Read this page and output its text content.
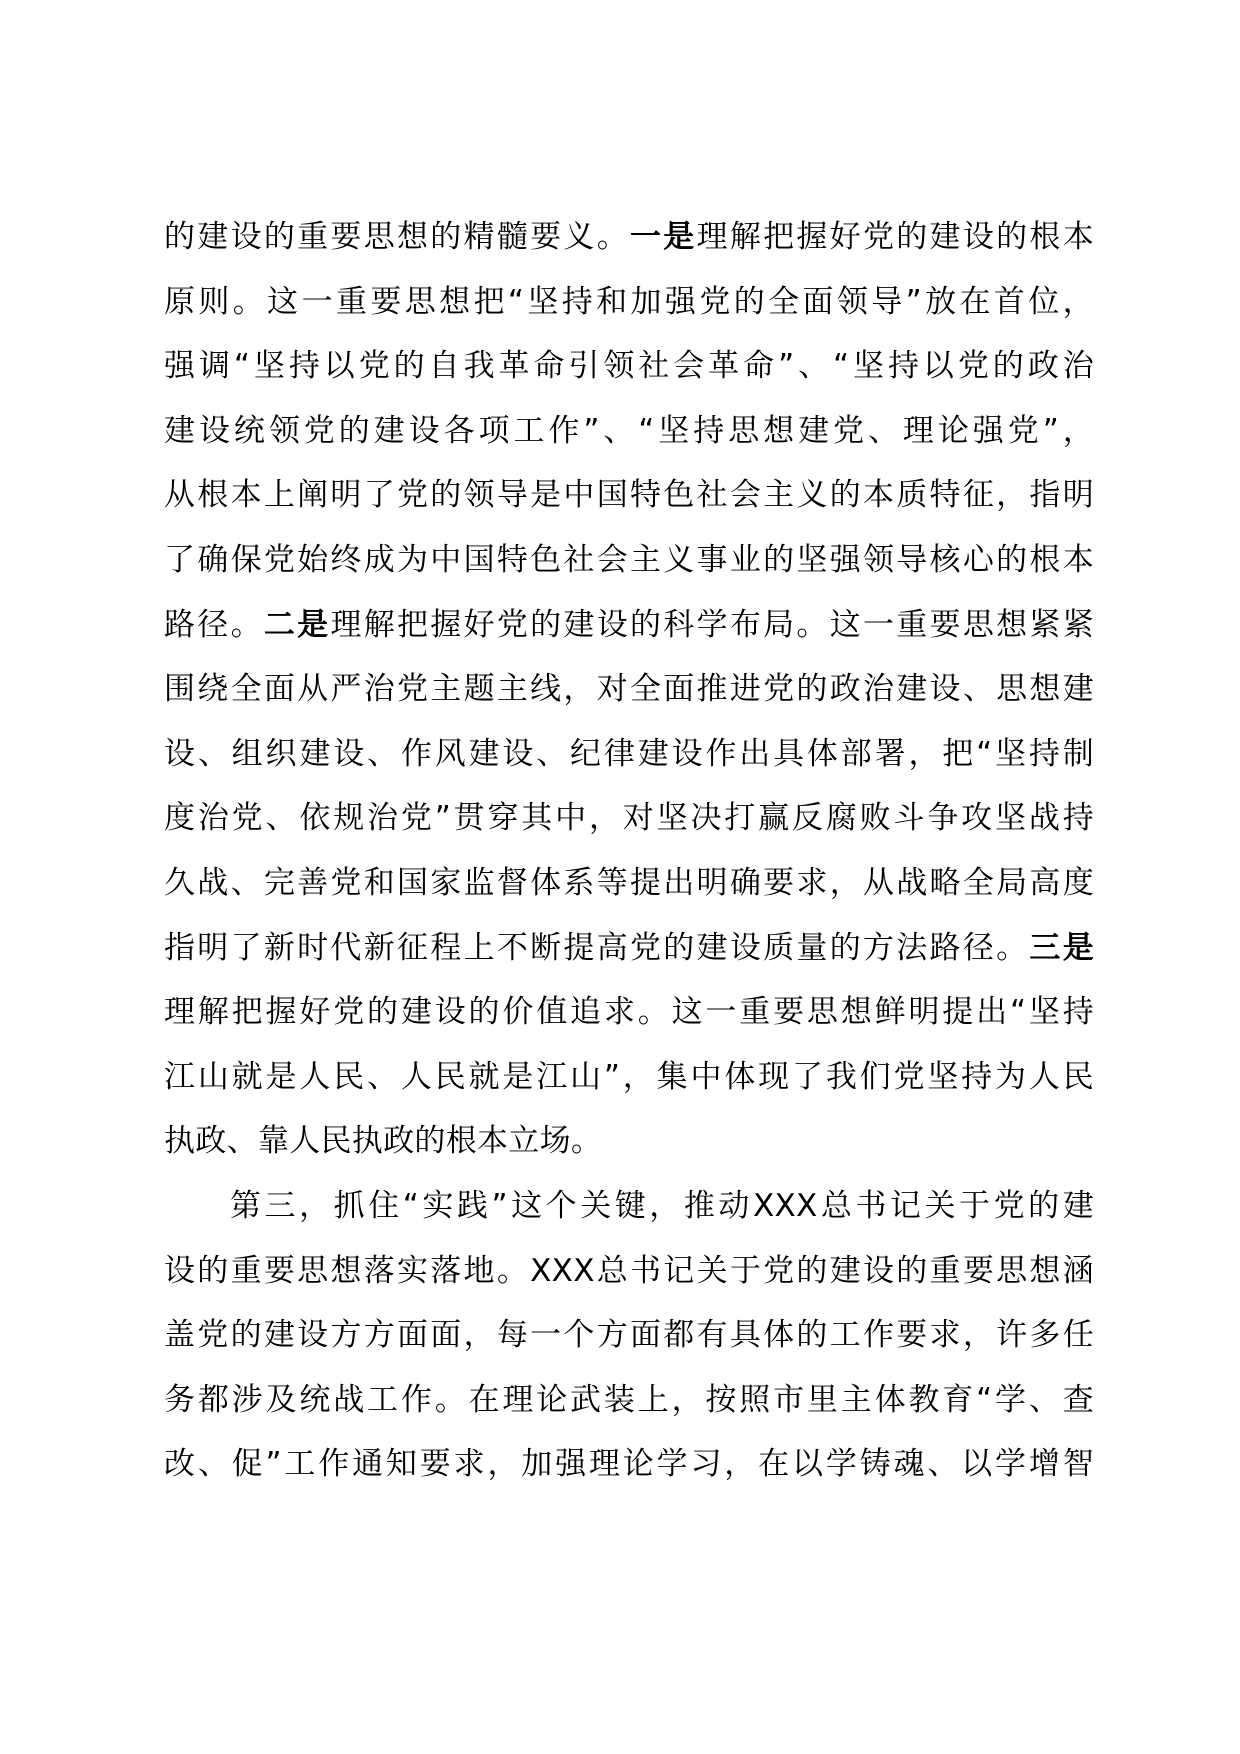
的建设的重要思想的精髓要义。一是理解把握好党的建设的根本
原则。这一重要思想把“坚持和加强党的全面领导”放在首位，
强调“坚持以党的自我革命引领社会革命”、“坚持以党的政治
建设统领党的建设各项工作”、“坚持思想建党、理论强党”，
从根本上阐明了党的领导是中国特色社会主义的本质特征，指明
了确保党始终成为中国特色社会主义事业的坚强领导核心的根本
路径。二是理解把握好党的建设的科学布局。这一重要思想紧紧
围绕全面从严治党主题主线，对全面推进党的政治建设、思想建
设、组织建设、作风建设、纪律建设作出具体部署，把“坚持制
度治党、依规治党”贯穿其中，对坚决打赢反腐败斗争攻坚战持
久战、完善党和国家监督体系等提出明确要求，从战略全局高度
指明了新时代新征程上不断提高党的建设质量的方法路径。三是
理解把握好党的建设的价值追求。这一重要思想鲜明提出“坚持
江山就是人民、人民就是江山”，集中体现了我们党坚持为人民
执政、靠人民执政的根本立场。
第三，抓住“实践”这个关键，推动XXX总书记关于党的建
设的重要思想落实落地。XXX总书记关于党的建设的重要思想涵
盖党的建设方方面面，每一个方面都有具体的工作要求，许多任
务都涉及统战工作。在理论武装上，按照市里主体教育“学、查
改、促”工作通知要求，加强理论学习，在以学铸魂、以学增智
